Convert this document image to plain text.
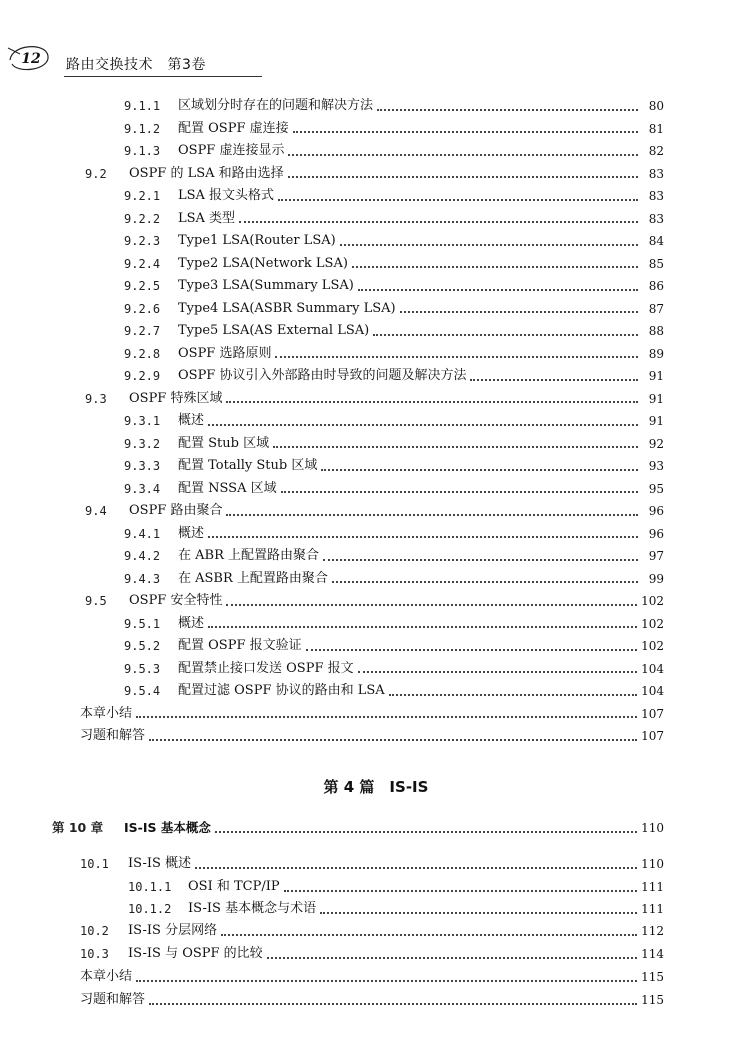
12	路由交换技术　第3卷
9.1.1	区域划分时存在的问题和解决方法	80
9.1.2	配置 OSPF 虚连接	81
9.1.3	OSPF 虚连接显示	82
9.2	OSPF 的 LSA 和路由选择	83
9.2.1	LSA 报文头格式	83
9.2.2	LSA 类型	83
9.2.3	Type1 LSA(Router LSA)	84
9.2.4	Type2 LSA(Network LSA)	85
9.2.5	Type3 LSA(Summary LSA)	86
9.2.6	Type4 LSA(ASBR Summary LSA)	87
9.2.7	Type5 LSA(AS External LSA)	88
9.2.8	OSPF 选路原则	89
9.2.9	OSPF 协议引入外部路由时导致的问题及解决方法	91
9.3	OSPF 特殊区域	91
9.3.1	概述	91
9.3.2	配置 Stub 区域	92
9.3.3	配置 Totally Stub 区域	93
9.3.4	配置 NSSA 区域	95
9.4	OSPF 路由聚合	96
9.4.1	概述	96
9.4.2	在 ABR 上配置路由聚合	97
9.4.3	在 ASBR 上配置路由聚合	99
9.5	OSPF 安全特性	102
9.5.1	概述	102
9.5.2	配置 OSPF 报文验证	102
9.5.3	配置禁止接口发送 OSPF 报文	104
9.5.4	配置过滤 OSPF 协议的路由和 LSA	104
本章小结	107
习题和解答	107
第 10 章	IS-IS 基本概念	110
10.1	IS-IS 概述	110
10.1.1	OSI 和 TCP/IP	111
10.1.2	IS-IS 基本概念与术语	111
10.2	IS-IS 分层网络	112
10.3	IS-IS 与 OSPF 的比较	114
本章小结	115
习题和解答	115
第 4 篇　IS-IS
